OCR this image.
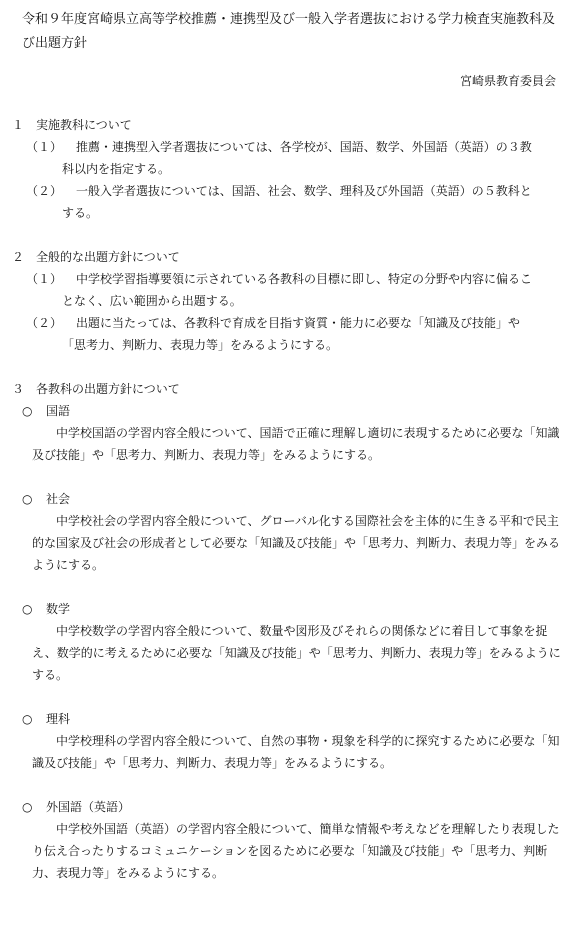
令和９年度宮崎県立高等学校推薦・連携型及び一般入学者選抜における学力検査実施教科及び出題方針
宮崎県教育委員会
１ 実施教科について
（１）	推薦・連携型入学者選抜については、各学校が、国語、数学、外国語（英語）の３教
科以内を指定する。
（２）	一般入学者選抜については、国語、社会、数学、理科及び外国語（英語）の５教科と
する。
２ 全般的な出題方針について
（１）	中学校学習指導要領に示されている各教科の目標に即し、特定の分野や内容に偏るこ
となく、広い範囲から出題する。
（２）	出題に当たっては、各教科で育成を目指す資質・能力に必要な「知識及び技能」や
「思考力、判断力、表現力等」をみるようにする。
３ 各教科の出題方針について
○ 国語
中学校国語の学習内容全般について、国語で正確に理解し適切に表現するために必要な「知識及び技能」や「思考力、判断力、表現力等」をみるようにする。
○ 社会
中学校社会の学習内容全般について、グローバル化する国際社会を主体的に生きる平和で民主的な国家及び社会の形成者として必要な「知識及び技能」や「思考力、判断力、表現力等」をみるようにする。
○ 数学
中学校数学の学習内容全般について、数量や図形及びそれらの関係などに着目して事象を捉え、数学的に考えるために必要な「知識及び技能」や「思考力、判断力、表現力等」をみるようにする。
○ 理科
中学校理科の学習内容全般について、自然の事物・現象を科学的に探究するために必要な「知識及び技能」や「思考力、判断力、表現力等」をみるようにする。
○ 外国語（英語）
中学校外国語（英語）の学習内容全般について、簡単な情報や考えなどを理解したり表現したり伝え合ったりするコミュニケーションを図るために必要な「知識及び技能」や「思考力、判断力、表現力等」をみるようにする。
